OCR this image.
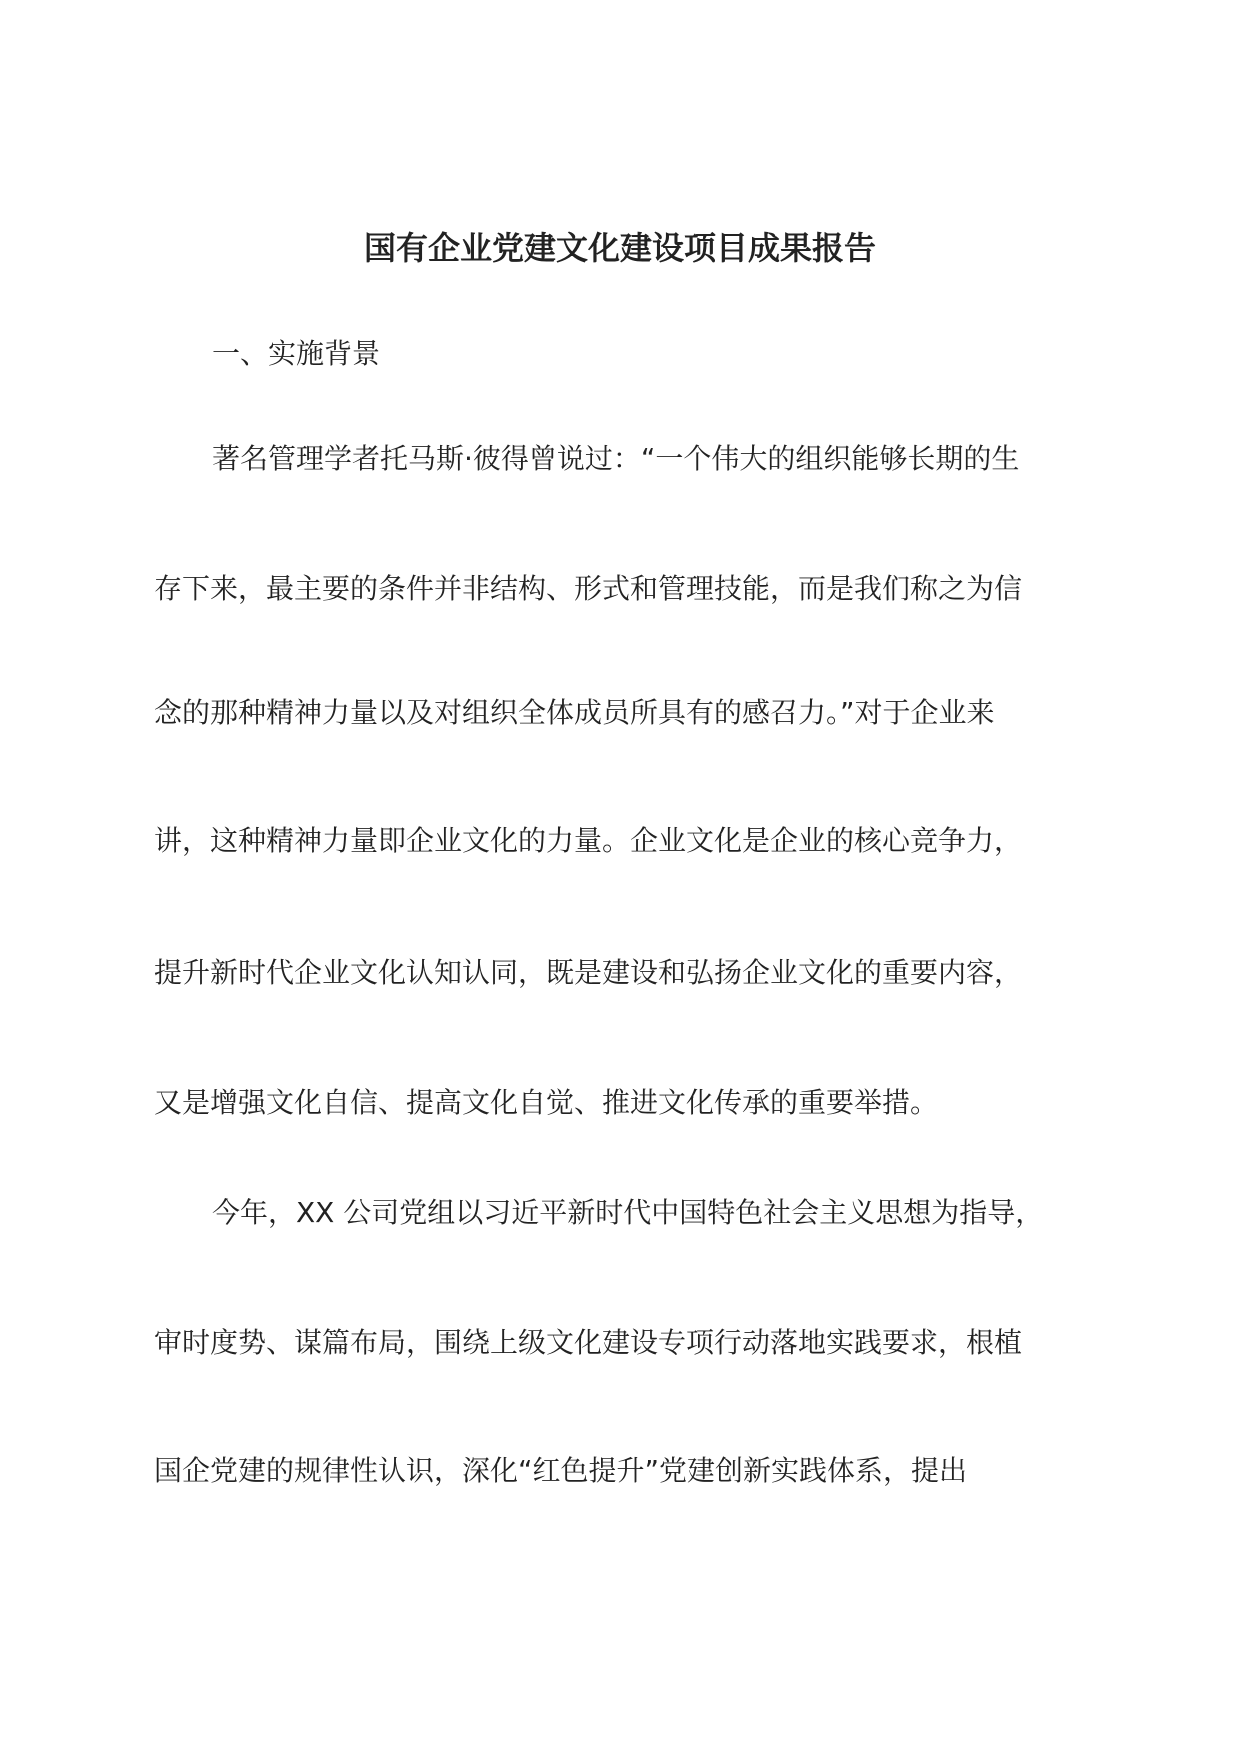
国有企业党建文化建设项目成果报告

一、实施背景

著名管理学者托马斯·彼得曾说过：“一个伟大的组织能够长期的生

存下来，最主要的条件并非结构、形式和管理技能，而是我们称之为信

念的那种精神力量以及对组织全体成员所具有的感召力。”对于企业来

讲，这种精神力量即企业文化的力量。企业文化是企业的核心竞争力，

提升新时代企业文化认知认同，既是建设和弘扬企业文化的重要内容，

又是增强文化自信、提高文化自觉、推进文化传承的重要举措。

今年，XX 公司党组以习近平新时代中国特色社会主义思想为指导，

审时度势、谋篇布局，围绕上级文化建设专项行动落地实践要求，根植

国企党建的规律性认识，深化“红色提升”党建创新实践体系，提出
